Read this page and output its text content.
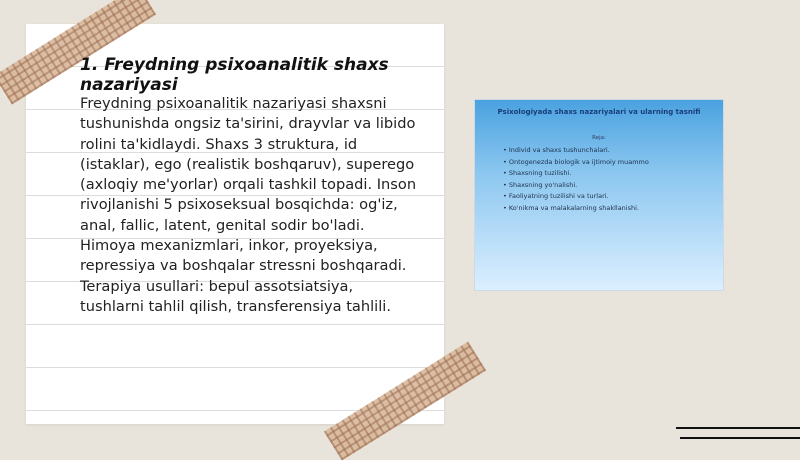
1. Freydning psixoanalitik shaxs nazariyasi

Freydning psixoanalitik nazariyasi shaxsni tushunishda ongsiz ta'sirini, drayvlar va libido rolini ta'kidlaydi. Shaxs 3 struktura, id (istaklar), ego (realistik boshqaruv), superego (axloqiy me'yorlar) orqali tashkil topadi. Inson rivojlanishi 5 psixoseksual bosqichda: og'iz, anal, fallic, latent, genital sodir bo'ladi. Himoya mexanizmlari, inkor, proyeksiya, repressiya va boshqalar stressni boshqaradi. Terapiya usullari: bepul assotsiatsiya, tushlarni tahlil qilish, transferensiya tahlili.

Psixologiyada shaxs nazariyalari va ularning tasnifi
Reja:
• Individ va shaxs tushunchalari.
• Ontogenezda biologik va ijtimoiy muammo
• Shaxsning tuzilishi.
• Shaxsning yo'nalishi.
• Faoliyatning tuzilishi va turlari.
• Ko'nikma va malakalarning shakllanishi.
